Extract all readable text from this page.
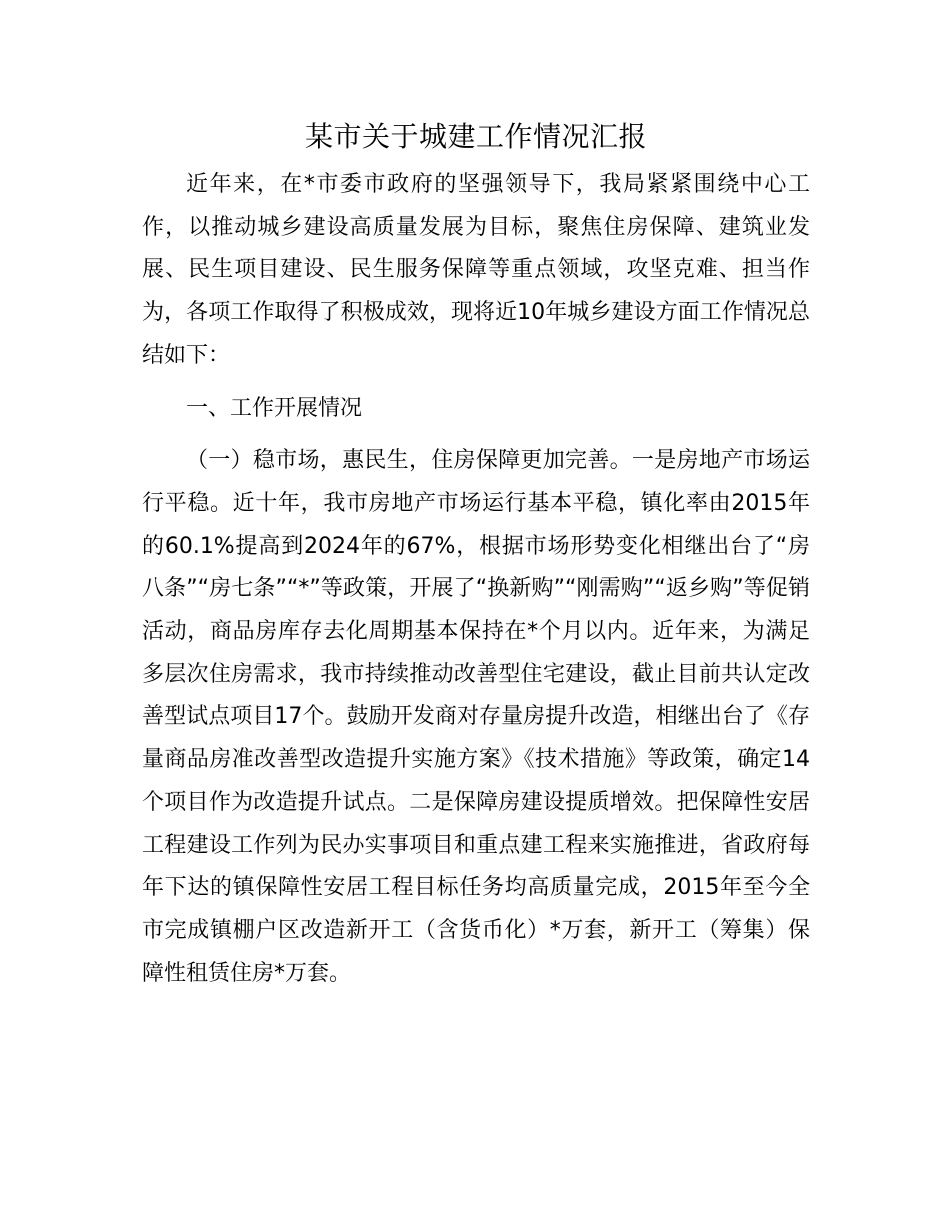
某市关于城建工作情况汇报

近年来，在*市委市政府的坚强领导下，我局紧紧围绕中心工作，以推动城乡建设高质量发展为目标，聚焦住房保障、建筑业发展、民生项目建设、民生服务保障等重点领域，攻坚克难、担当作为，各项工作取得了积极成效，现将近10年城乡建设方面工作情况总结如下：

一、工作开展情况

（一）稳市场，惠民生，住房保障更加完善。一是房地产市场运行平稳。近十年，我市房地产市场运行基本平稳，镇化率由2015年的60.1%提高到2024年的67%，根据市场形势变化相继出台了“房八条”“房七条”“*”等政策，开展了“换新购”“刚需购”“返乡购”等促销活动，商品房库存去化周期基本保持在*个月以内。近年来，为满足多层次住房需求，我市持续推动改善型住宅建设，截止目前共认定改善型试点项目17个。鼓励开发商对存量房提升改造，相继出台了《存量商品房准改善型改造提升实施方案》《技术措施》等政策，确定14个项目作为改造提升试点。二是保障房建设提质增效。把保障性安居工程建设工作列为民办实事项目和重点建工程来实施推进，省政府每年下达的镇保障性安居工程目标任务均高质量完成，2015年至今全市完成镇棚户区改造新开工（含货币化）*万套，新开工（筹集）保障性租赁住房*万套。
